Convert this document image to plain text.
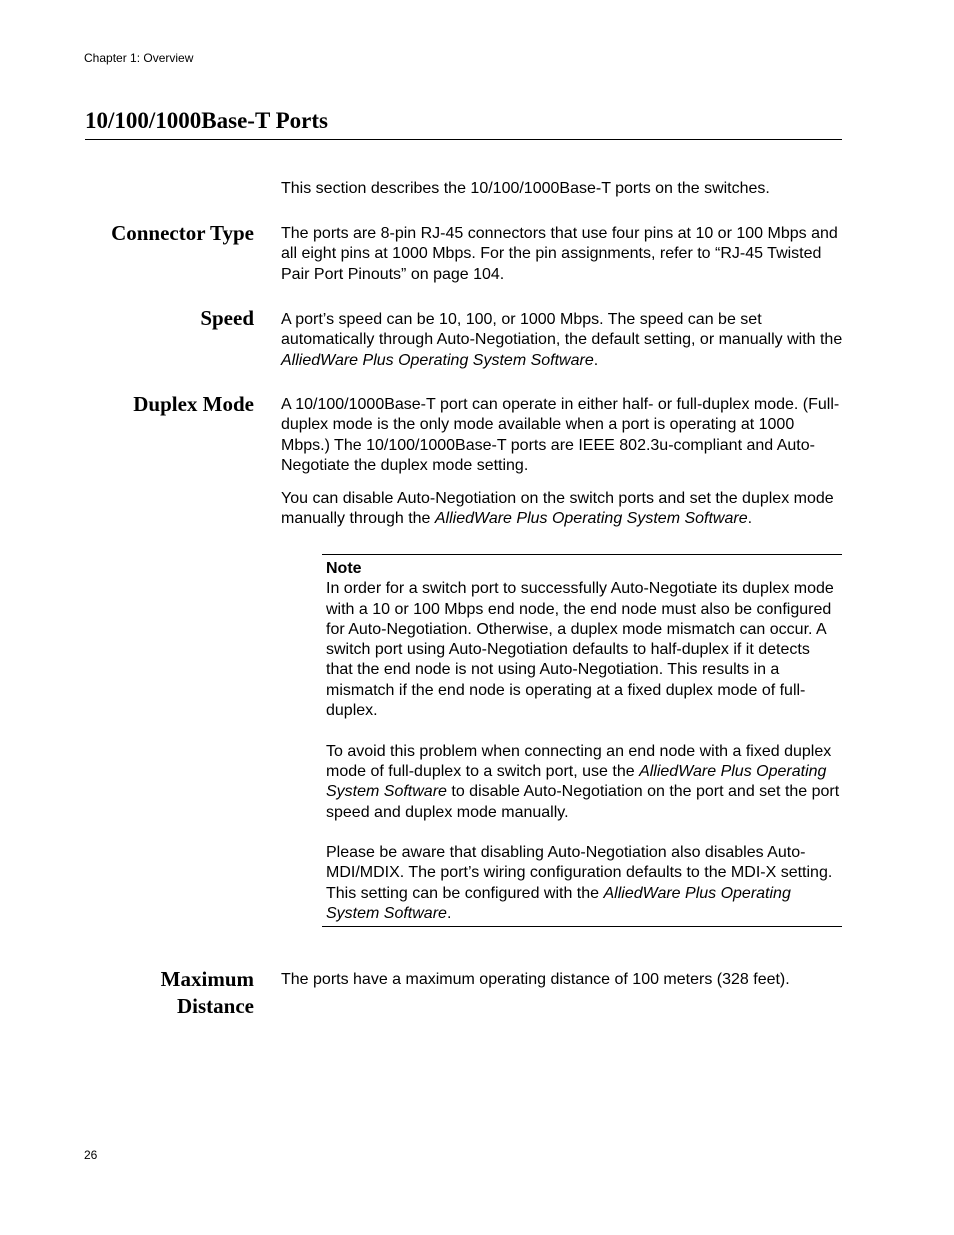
Chapter 1: Overview
10/100/1000Base-T Ports

This section describes the 10/100/1000Base-T ports on the switches.

Connector Type The ports are 8-pin RJ-45 connectors that use four pins at 10 or 100 Mbps and all eight pins at 1000 Mbps. For the pin assignments, refer to “RJ-45 Twisted Pair Port Pinouts” on page 104.

Speed A port’s speed can be 10, 100, or 1000 Mbps. The speed can be set automatically through Auto-Negotiation, the default setting, or manually with the AlliedWare Plus Operating System Software.

Duplex Mode A 10/100/1000Base-T port can operate in either half- or full-duplex mode. (Full-duplex mode is the only mode available when a port is operating at 1000 Mbps.) The 10/100/1000Base-T ports are IEEE 802.3u-compliant and Auto-Negotiate the duplex mode setting.

You can disable Auto-Negotiation on the switch ports and set the duplex mode manually through the AlliedWare Plus Operating System Software.

Note

In order for a switch port to successfully Auto-Negotiate its duplex mode with a 10 or 100 Mbps end node, the end node must also be configured for Auto-Negotiation. Otherwise, a duplex mode mismatch can occur. A switch port using Auto-Negotiation defaults to half-duplex if it detects that the end node is not using Auto-Negotiation. This results in a mismatch if the end node is operating at a fixed duplex mode of full-duplex.

To avoid this problem when connecting an end node with a fixed duplex mode of full-duplex to a switch port, use the AlliedWare Plus Operating System Software to disable Auto-Negotiation on the port and set the port speed and duplex mode manually.

Please be aware that disabling Auto-Negotiation also disables Auto-MDI/MDIX. The port’s wiring configuration defaults to the MDI-X setting. This setting can be configured with the AlliedWare Plus Operating System Software.

Maximum
Distance

The ports have a maximum operating distance of 100 meters (328 feet).

26
